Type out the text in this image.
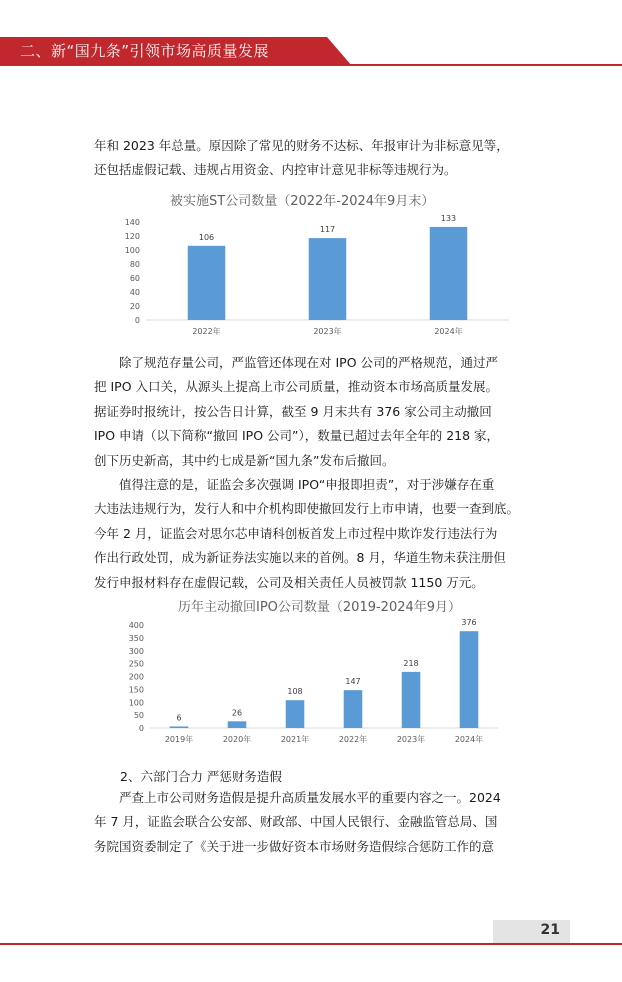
二、新“国九条”引领市场高质量发展
年和 2023 年总量。原因除了常见的财务不达标、年报审计为非标意见等，
还包括虚假记载、违规占用资金、内控审计意见非标等违规行为。
被实施ST公司数量（2022年-2024年9月末）
0
20
40
60
80
100
120
140
106
2022年
117
2023年
133
2024年
　　除了规范存量公司，严监管还体现在对 IPO 公司的严格规范，通过严
把 IPO 入口关，从源头上提高上市公司质量，推动资本市场高质量发展。
据证券时报统计，按公告日计算，截至 9 月末共有 376 家公司主动撤回
IPO 申请（以下简称“撤回 IPO 公司”），数量已超过去年全年的 218 家，
创下历史新高，其中约七成是新“国九条”发布后撤回。
　　值得注意的是，证监会多次强调 IPO“申报即担责”，对于涉嫌存在重
大违法违规行为，发行人和中介机构即使撤回发行上市申请，也要一查到底。
今年 2 月，证监会对思尔芯申请科创板首发上市过程中欺诈发行违法行为
作出行政处罚，成为新证券法实施以来的首例。8 月，华道生物未获注册但
发行申报材料存在虚假记载，公司及相关责任人员被罚款 1150 万元。
历年主动撤回IPO公司数量（2019-2024年9月）
0
50
100
150
200
250
300
350
400
6
2019年
26
2020年
108
2021年
147
2022年
218
2023年
376
2024年
2、六部门合力 严惩财务造假
　　严查上市公司财务造假是提升高质量发展水平的重要内容之一。2024
年 7 月，证监会联合公安部、财政部、中国人民银行、金融监管总局、国
务院国资委制定了《关于进一步做好资本市场财务造假综合惩防工作的意
21
